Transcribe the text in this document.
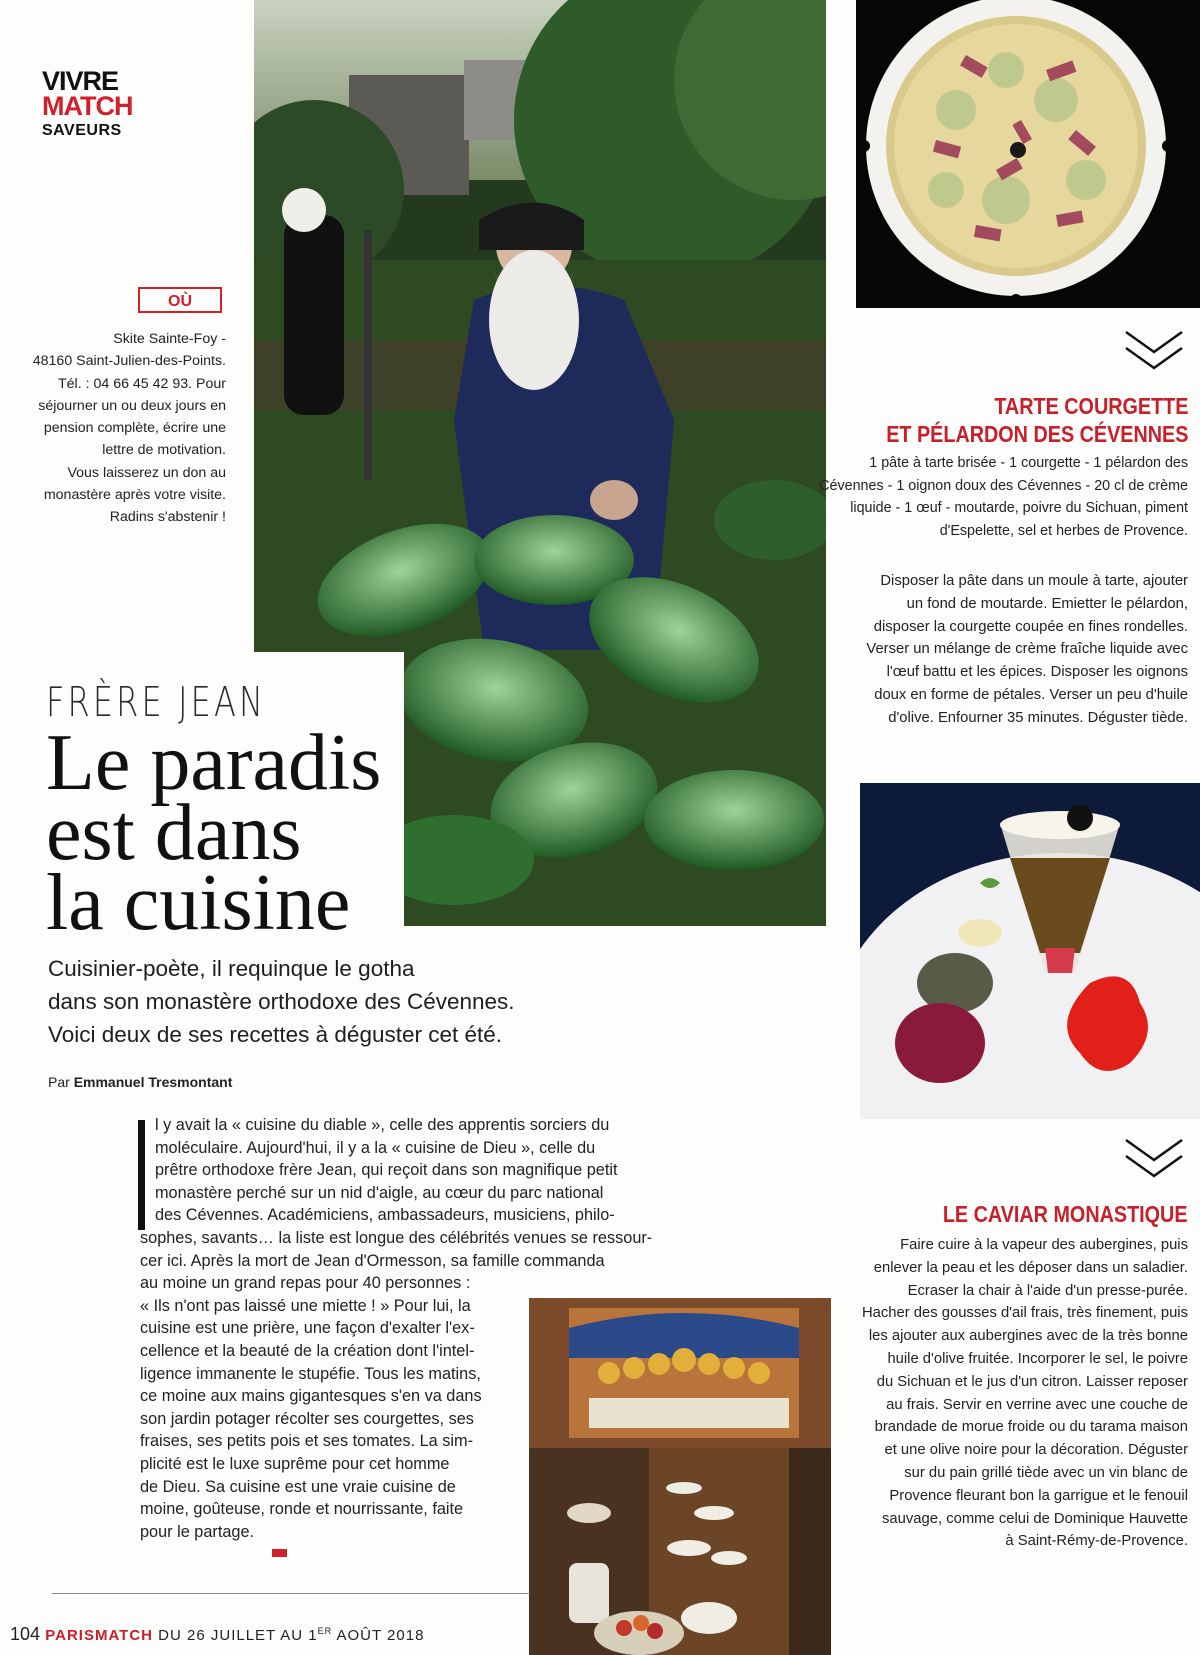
VIVRE
MATCH
SAVEURS
OÙ
Skite Sainte-Foy -
48160 Saint-Julien-des-Points.
Tél. : 04 66 45 42 93. Pour
séjourner un ou deux jours en
pension complète, écrire une
lettre de motivation.
Vous laisserez un don au
monastère après votre visite.
Radins s'abstenir !
FRÈRE JEAN
Le paradis
est dans
la cuisine
Cuisinier-poète, il requinque le gotha
dans son monastère orthodoxe des Cévennes.
Voici deux de ses recettes à déguster cet été.
Par Emmanuel Tresmontant
l y avait la « cuisine du diable », celle des apprentis sorciers du
moléculaire. Aujourd'hui, il y a la « cuisine de Dieu », celle du
prêtre orthodoxe frère Jean, qui reçoit dans son magnifique petit
monastère perché sur un nid d'aigle, au cœur du parc national
des Cévennes. Académiciens, ambassadeurs, musiciens, philo-
sophes, savants… la liste est longue des célébrités venues se ressour-
cer ici. Après la mort de Jean d'Ormesson, sa famille commanda
au moine un grand repas pour 40 personnes :
« Ils n'ont pas laissé une miette ! » Pour lui, la
cuisine est une prière, une façon d'exalter l'ex-
cellence et la beauté de la création dont l'intel-
ligence immanente le stupéfie. Tous les matins,
ce moine aux mains gigantesques s'en va dans
son jardin potager récolter ses courgettes, ses
fraises, ses petits pois et ses tomates. La sim-
plicité est le luxe suprême pour cet homme
de Dieu. Sa cuisine est une vraie cuisine de
moine, goûteuse, ronde et nourrissante, faite
pour le partage.
TARTE COURGETTE
ET PÉLARDON DES CÉVENNES
1 pâte à tarte brisée - 1 courgette - 1 pélardon des
Cévennes - 1 oignon doux des Cévennes - 20 cl de crème
liquide - 1 œuf - moutarde, poivre du Sichuan, piment
d'Espelette, sel et herbes de Provence.
Disposer la pâte dans un moule à tarte, ajouter
un fond de moutarde. Emietter le pélardon,
disposer la courgette coupée en fines rondelles.
Verser un mélange de crème fraîche liquide avec
l'œuf battu et les épices. Disposer les oignons
doux en forme de pétales. Verser un peu d'huile
d'olive. Enfourner 35 minutes. Déguster tiède.
LE CAVIAR MONASTIQUE
Faire cuire à la vapeur des aubergines, puis
enlever la peau et les déposer dans un saladier.
Ecraser la chair à l'aide d'un presse-purée.
Hacher des gousses d'ail frais, très finement, puis
les ajouter aux aubergines avec de la très bonne
huile d'olive fruitée. Incorporer le sel, le poivre
du Sichuan et le jus d'un citron. Laisser reposer
au frais. Servir en verrine avec une couche de
brandade de morue froide ou du tarama maison
et une olive noire pour la décoration. Déguster
sur du pain grillé tiède avec un vin blanc de
Provence fleurant bon la garrigue et le fenouil
sauvage, comme celui de Dominique Hauvette
à Saint-Rémy-de-Provence.
104 PARISMATCH DU 26 JUILLET AU 1ER AOÛT 2018
